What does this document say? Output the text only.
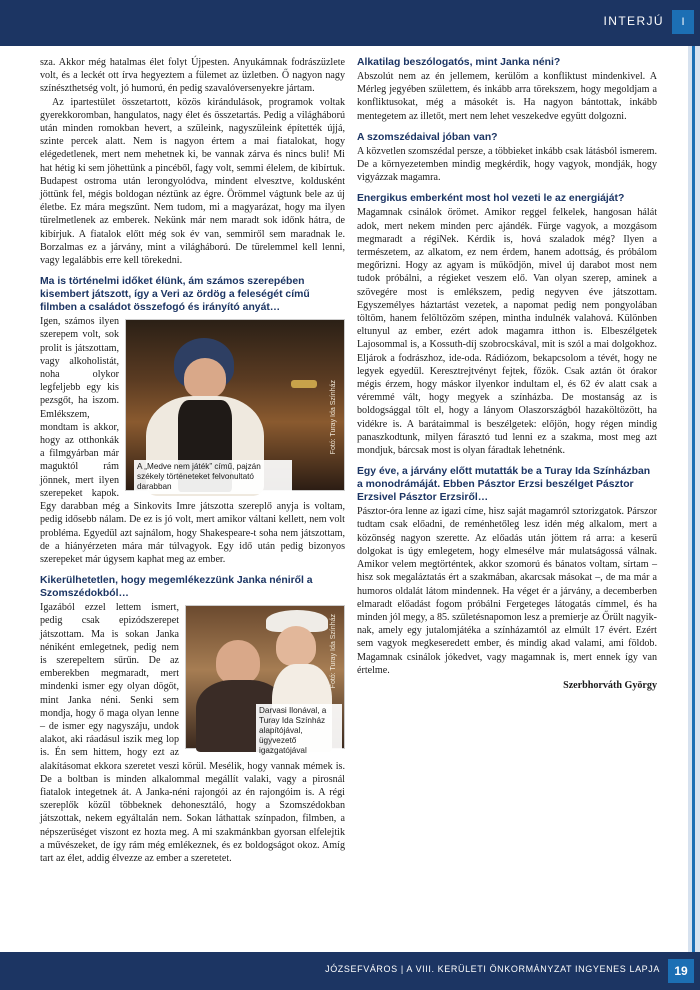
INTERJÚ	I

sza. Akkor még hatalmas élet folyt Újpesten. Anyukámnak fodrászüzlete volt, és a leckét ott írva hegyeztem a fülemet az üzletben. Ő nagyon nagy színészthetség volt, jó humorú, én pedig szavalóversenyekre jártam.

Az ipartestület összetartott, közös kirándulások, programok voltak gyerekkoromban, hangulatos, nagy élet és összetartás. Pedig a világháború után minden romokban hevert, a szüleink, nagyszüleink építették újjá, szinte percek alatt. Nem is nagyon értem a mai fiatalokat, hogy elégedetlenek, mert nem mehetnek ki, be vannak zárva és nincs buli! Mi hat hétig ki sem jöhettünk a pincéből, fagy volt, semmi élelem, de kibírtuk. Budapest ostroma után lerongyolódva, mindent elvesztve, koldusként jöttünk fel, mégis boldogan néztünk az égre. Örömmel vágtunk bele az új életbe. Ez mára megszűnt. Nem tudom, mi a magyarázat, hogy ma ilyen türelmetlenek az emberek. Nekünk már nem maradt sok időnk hátra, de kibírjuk. A fiatalok előtt még sok év van, semmiről sem maradnak le. Borzalmas ez a járvány, mint a világháború. De türelemmel kell lenni, vagy legalábbis erre kell törekedni.

Ma is történelmi időket élünk, ám számos szerepében kisembert játszott, így a Veri az ördög a feleségét című filmben a családot összefogó és irányító anyát…
A „Medve nem játék” című, pajzán székely történeteket felvonultató darabban
Fotó: Turay Ida Színház

Igen, számos ilyen szerepem volt, sok prolit is játszottam, vagy alkoholistát, noha olykor legfeljebb egy kis pezsgőt, ha iszom. Emlékszem, mondtam is akkor, hogy az otthonkák a filmgyárban már maguktól rám jönnek, mert ilyen szerepeket kapok. Egy darabban még a Sinkovits Imre játszotta szereplő anyja is voltam, pedig idősebb nálam. De ez is jó volt, mert amikor váltani kellett, nem volt probléma. Egyedül azt sajnálom, hogy Shakespeare-t soha nem játszottam, de a hiányérzeten mára már túlvagyok. Egy idő után pedig bizonyos szerepeket már úgysem kaphat meg az ember.

Kikerülhetetlen, hogy megemlékezzünk Janka néniről a Szomszédokból…
Darvasi Ilonával, a Turay Ida Színház alapítójával, ügyvezető igazgatójával
Fotó: Turay Ida Színház

Igazából ezzel lettem ismert, pedig csak epizódszerepet játszottam. Ma is sokan Janka néniként emlegetnek, pedig nem is szerepeltem sűrűn. De az emberekben megmaradt, mert mindenki ismer egy olyan dögöt, mint Janka néni. Senki sem mondja, hogy ő maga olyan lenne – de ismer egy nagyszáju, undok alakot, aki ráadásul iszik meg lop is. Én sem hittem, hogy ezt az alakításomat ekkora szeretet veszi körül. Mesélik, hogy vannak mémek is. De a boltban is minden alkalommal megállít valaki, vagy a pirosnál fiatalok integetnek át. A Janka-néni rajongói az én rajongóim is. A régi szereplők közül többeknek dehonesztáló, hogy a Szomszédokban játszottak, nekem egyáltalán nem. Sokan láthattak színpadon, filmben, a népszerűséget viszont ez hozta meg. A mi szakmánkban gyorsan elfelejtik a művészeket, de így rám még emlékeznek, és ez boldogságot okoz. Amíg tart az élet, addig élvezze az ember a szeretetet.

Alkatilag beszólogatós, mint Janka néni?

Abszolút nem az én jellemem, kerülöm a konfliktust mindenkivel. A Mérleg jegyében születtem, és inkább arra törekszem, hogy megoldjam a konfliktusokat, még a másokét is. Ha nagyon bántottak, inkább mentegetem az illetőt, mert nem lehet veszekedve együtt dolgozni.

A szomszédaival jóban van?

A közvetlen szomszédal persze, a többieket inkább csak látásból ismerem. De a környezetemben mindig megkérdik, hogy vagyok, mondják, hogy vigyázzak magamra.

Energikus emberként most hol vezeti le az energiáját?

Magamnak csinálok örömet. Amikor reggel felkelek, hangosan hálát adok, mert nekem minden perc ajándék. Fürge vagyok, a mozgásom megmaradt a régiNek. Kérdik is, hová szaladok még? Ilyen a természetem, az alkatom, ez nem érdem, hanem adottság, és próbálom megőrizni. Hogy az agyam is működjön, mivel új darabot most nem tudok próbálni, a régieket veszem elő. Van olyan szerep, aminek a szövegére most is emlékszem, pedig negyven éve játszottam. Egyszemélyes háztartást vezetek, a napomat pedig nem pongyolában töltöm, hanem felöltözöm szépen, mintha indulnék valahová. Különben eltunyul az ember, ezért adok magamra itthon is. Elbeszélgetek Lajosommal is, a Kossuth-díj szobrocskával, mit is szól a mai dolgokhoz. Eljárok a fodrászhoz, ide-oda. Rádiózom, bekapcsolom a tévét, hogy ne legyek egyedül. Keresztrejtvényt fejtek, főzök. Csak aztán öt órakor mégis érzem, hogy máskor ilyenkor indultam el, és 62 év alatt csak a véremmé vált, hogy megyek a színházba. De mostanság az is boldogsággal tölt el, hogy a lányom Olaszországból hazaköltözött, ha vidékre is. A barátaimmal is beszélgetek: előjön, hogy régen mindig panaszkodtunk, milyen fárasztó tud lenni ez a szakma, most meg azt mondjuk, bárcsak most is olyan fáradtak lehetnénk.

Egy éve, a járvány előtt mutatták be a Turay Ida Színházban a monodrámáját. Ebben Pásztor Erzsi beszélget Pásztor Erzsivel Pásztor Erzsiről…

Pásztor-óra lenne az igazi címe, hisz saját magamról sztorizgatok. Párszor tudtam csak előadni, de reménhetőleg lesz idén még alkalom, mert a közönség nagyon szerette. Az előadás után jöttem rá arra: a keserű dolgokat is úgy emlegetem, hogy elmesélve már mulatságossá válnak. Amikor velem megtörténtek, akkor szomorú és bánatos voltam, sírtam – hisz sok megaláztatás ért a szakmában, akarcsak másokat –, de ma már a humoros oldalát látom mindennek. Ha véget ér a járvány, a decemberben elmaradt előadást fogom próbálni Fergeteges látogatás címmel, és ha minden jól megy, a 85. születésnapomon lesz a premierje az Őrült nagyik-nak, amely egy jutalomjátéka a színházamtól az elmúlt 17 évért. Ezért sem vagyok megkeseredett ember, és mindig akad valami, ami földob. Magamnak csinálok jókedvet, vagy magamnak is, mert ennek így van értelme.

Szerbhorváth György

JÓZSEFVÁROS | A VIII. KERÜLETI ÖNKORMÁNYZAT INGYENES LAPJA	19
